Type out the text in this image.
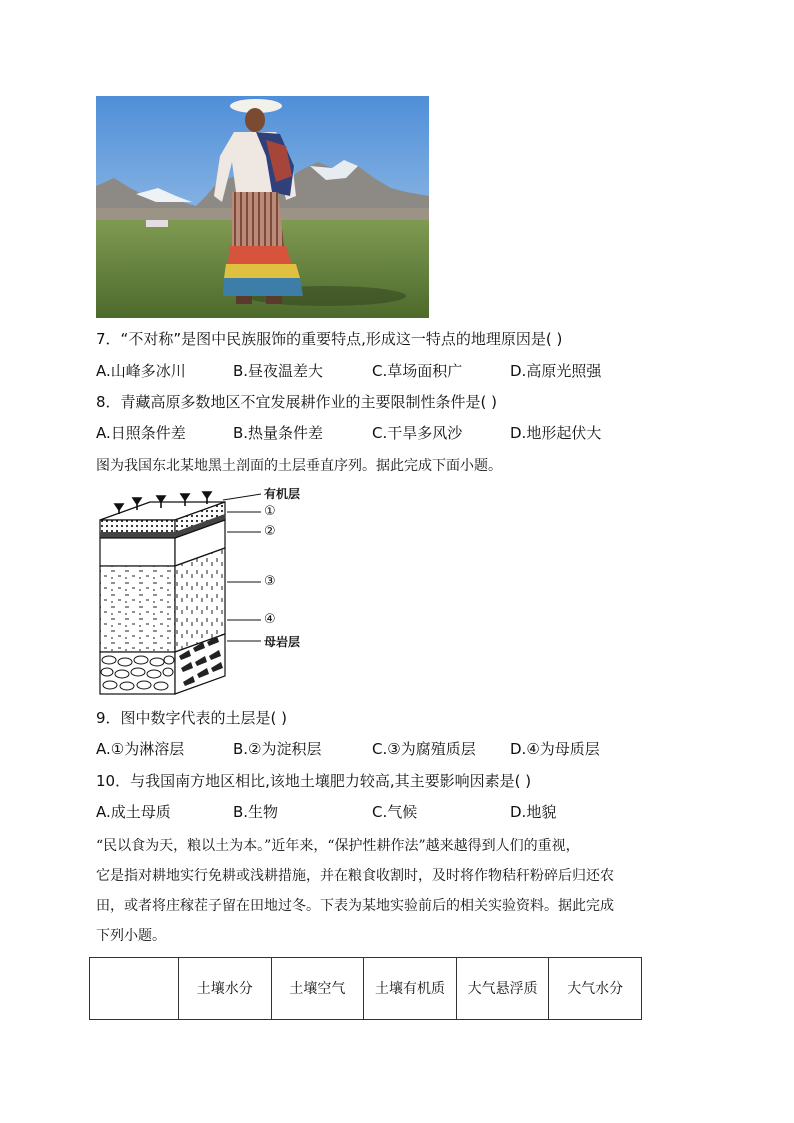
7．“不对称”是图中民族服饰的重要特点,形成这一特点的地理原因是( )
A.山峰多冰川	B.昼夜温差大	C.草场面积广	D.高原光照强
8．青藏高原多数地区不宜发展耕作业的主要限制性条件是( )
A.日照条件差	B.热量条件差	C.干旱多风沙	D.地形起伏大
图为我国东北某地黑土剖面的土层垂直序列。据此完成下面小题。
有机层
①
②
③
④
母岩层
9．图中数字代表的土层是( )
A.①为淋溶层	B.②为淀积层	C.③为腐殖质层 D.④为母质层
10．与我国南方地区相比,该地土壤肥力较高,其主要影响因素是( )
A.成土母质	B.生物	C.气候	D.地貌
“民以食为天，粮以土为本。”近年来，“保护性耕作法”越来越得到人们的重视，
它是指对耕地实行免耕或浅耕措施，并在粮食收割时，及时将作物秸秆粉碎后归还农
田，或者将庄稼茬子留在田地过冬。下表为某地实验前后的相关实验资料。据此完成
下列小题。
	土壤水分	土壤空气	土壤有机质	大气悬浮质	大气水分
